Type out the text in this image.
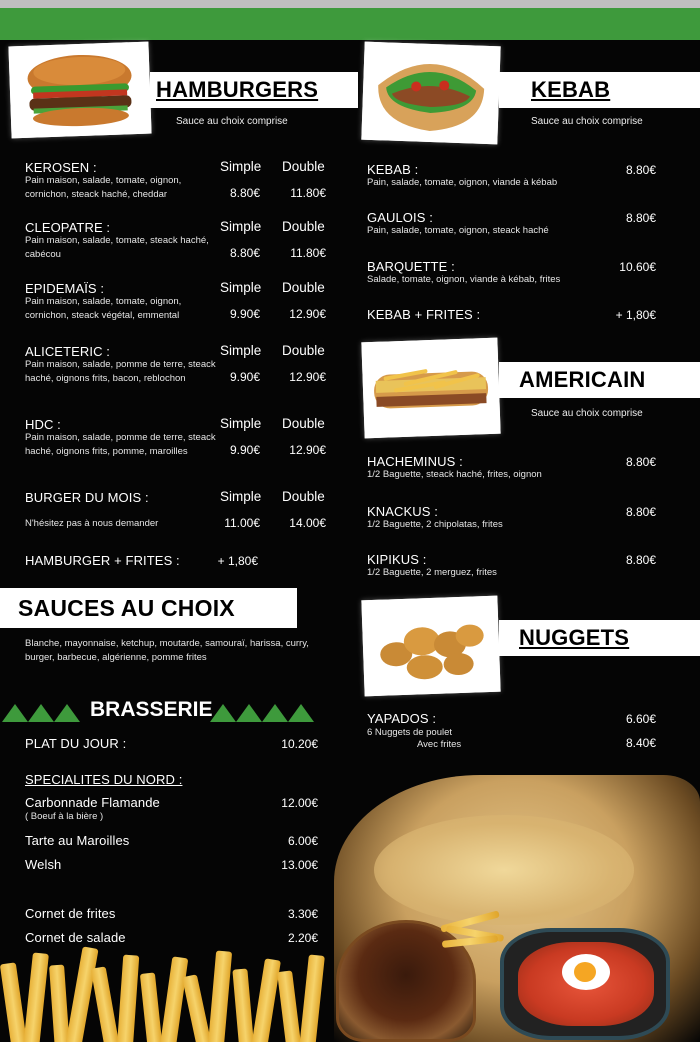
HAMBURGERS
Sauce au choix comprise
KEROSEN :	Simple Double
Pain maison, salade, tomate, oignon, cornichon, steack haché, cheddar	8.80€	11.80€
CLEOPATRE :	Simple Double
Pain maison, salade, tomate, steack haché, cabécou	8.80€	11.80€
EPIDEMAÏS :	Simple Double
Pain maison, salade, tomate, oignon, cornichon, steack végétal, emmental	9.90€	12.90€
ALICETERIC :	Simple Double
Pain maison, salade, pomme de terre, steack haché, oignons frits, bacon, reblochon	9.90€	12.90€
HDC :	Simple Double
Pain maison, salade, pomme de terre, steack haché, oignons frits, pomme, maroilles	9.90€	12.90€
BURGER DU MOIS :	Simple Double
N'hésitez pas à nous demander	11.00€	14.00€
HAMBURGER + FRITES :	+ 1,80€
KEBAB
Sauce au choix comprise
KEBAB :	8.80€
Pain, salade, tomate, oignon, viande à kébab
GAULOIS :	8.80€
Pain, salade, tomate, oignon, steack haché
BARQUETTE :	10.60€
Salade, tomate, oignon, viande à kébab, frites
KEBAB + FRITES :	+ 1,80€
AMERICAIN
Sauce au choix comprise
HACHEMINUS :	8.80€
1/2 Baguette, steack haché, frites, oignon
KNACKUS :	8.80€
1/2 Baguette, 2 chipolatas, frites
KIPIKUS :	8.80€
1/2 Baguette, 2 merguez, frites
SAUCES AU CHOIX
Blanche, mayonnaise, ketchup, moutarde, samouraï, harissa, curry, burger, barbecue, algérienne, pomme frites
NUGGETS
YAPADOS :	6.60€
6 Nuggets de poulet
Avec frites	8.40€
BRASSERIE
PLAT DU JOUR :	10.20€
SPECIALITES DU NORD :
Carbonnade Flamande	12.00€
( Boeuf à la bière )
Tarte au Maroilles	6.00€
Welsh	13.00€
Cornet de frites	3.30€
Cornet de salade	2.20€
